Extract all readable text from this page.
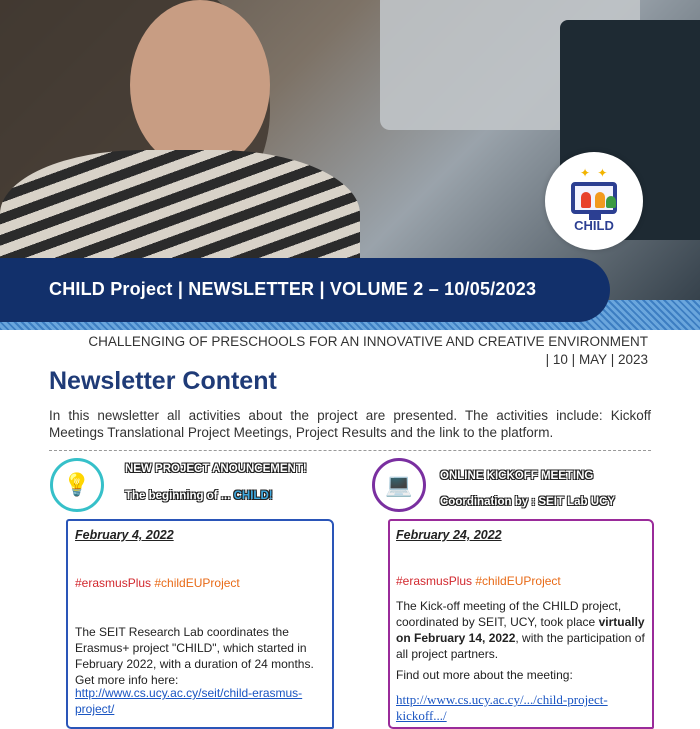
CHILD Project | NEWSLETTER | VOLUME 2 – 10/05/2023
✦ ✦
CHILD
CHALLENGING OF PRESCHOOLS FOR AN INNOVATIVE AND CREATIVE ENVIRONMENT
| 10 | MAY | 2023
Newsletter Content
In this newsletter all activities about the project are presented. The activities include: Kickoff Meetings Translational Project Meetings, Project Results and the link to the platform.
💡
NEW PROJECT ANOUNCEMENT!
The beginning of ... CHILD!
February 4, 2022
#erasmusPlus #childEUProject
The SEIT Research Lab coordinates the Erasmus+ project "CHILD", which started in February 2022, with a duration of 24 months. Get more info here:
http://www.cs.ucy.ac.cy/seit/child-erasmus-project/
💻	ONLINE KICKOFF MEETING
Coordination by : SEIT Lab UCY
February 24, 2022
#erasmusPlus #childEUProject
The Kick-off meeting of the CHILD project, coordinated by SEIT, UCY, took place virtually on February 14, 2022, with the participation of all project partners.
Find out more about the meeting:
http://www.cs.ucy.ac.cy/.../child-project-kickoff.../
